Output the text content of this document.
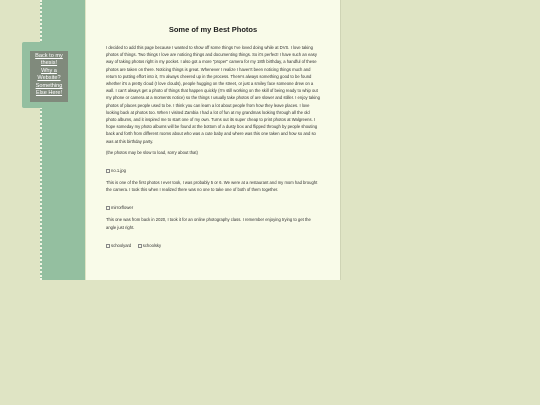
Back to my thesis!
Why a Website?
Something Else Here!
Some of my Best Photos

I decided to add this page because I wanted to show off some things I've loved doing while at DVS. I love taking photos of things. Two things I love are noticing things and documenting things. So it's perfect! I have such an easy way of taking photos right in my pocket. I also got a more "proper" camera for my 18th birthday, a handful of these photos are taken on there. Noticing things is great. Whenever I realize I haven't been noticing things much and return to putting effort into it, I'm always cheered up in the process. There's always something good to be found whether it's a pretty cloud (I love clouds), people hugging on the street, or just a smiley face someone drew on a wall. I can't always get a photo of things that happen quickly (I'm still working on the skill of being ready to whip out my phone or camera at a moments notice) so the things I usually take photos of are slower and stiller. I enjoy taking photos of places people used to be. I think you can learn a lot about people from how they leave places. I love looking back at photos too. When I visited Zambia I had a lot of fun at my grandmas looking through all the old photo albums, and it inspired me to start one of my own. Turns out its super cheap to print photos at Walgreens. I hope someday my photo albums will be found at the bottom of a dusty box and flipped through by people shouting back and forth from different rooms about who was a cute baby and where was this one taken and how so and so was at this birthday party.

(the photos may be slow to load, sorry about that)

no.1.jpg

This is one of the first photos I ever took, I was probably 5 or 6. We were at a restaurant and my mom had brought the camera. I took this when I realized there was no one to take one of both of them together.

mirrorflower

This one was from back in 2020, I took it for an online photography class. I remember enjoying trying to get the angle just right.

schoolyard
	schoolsky
